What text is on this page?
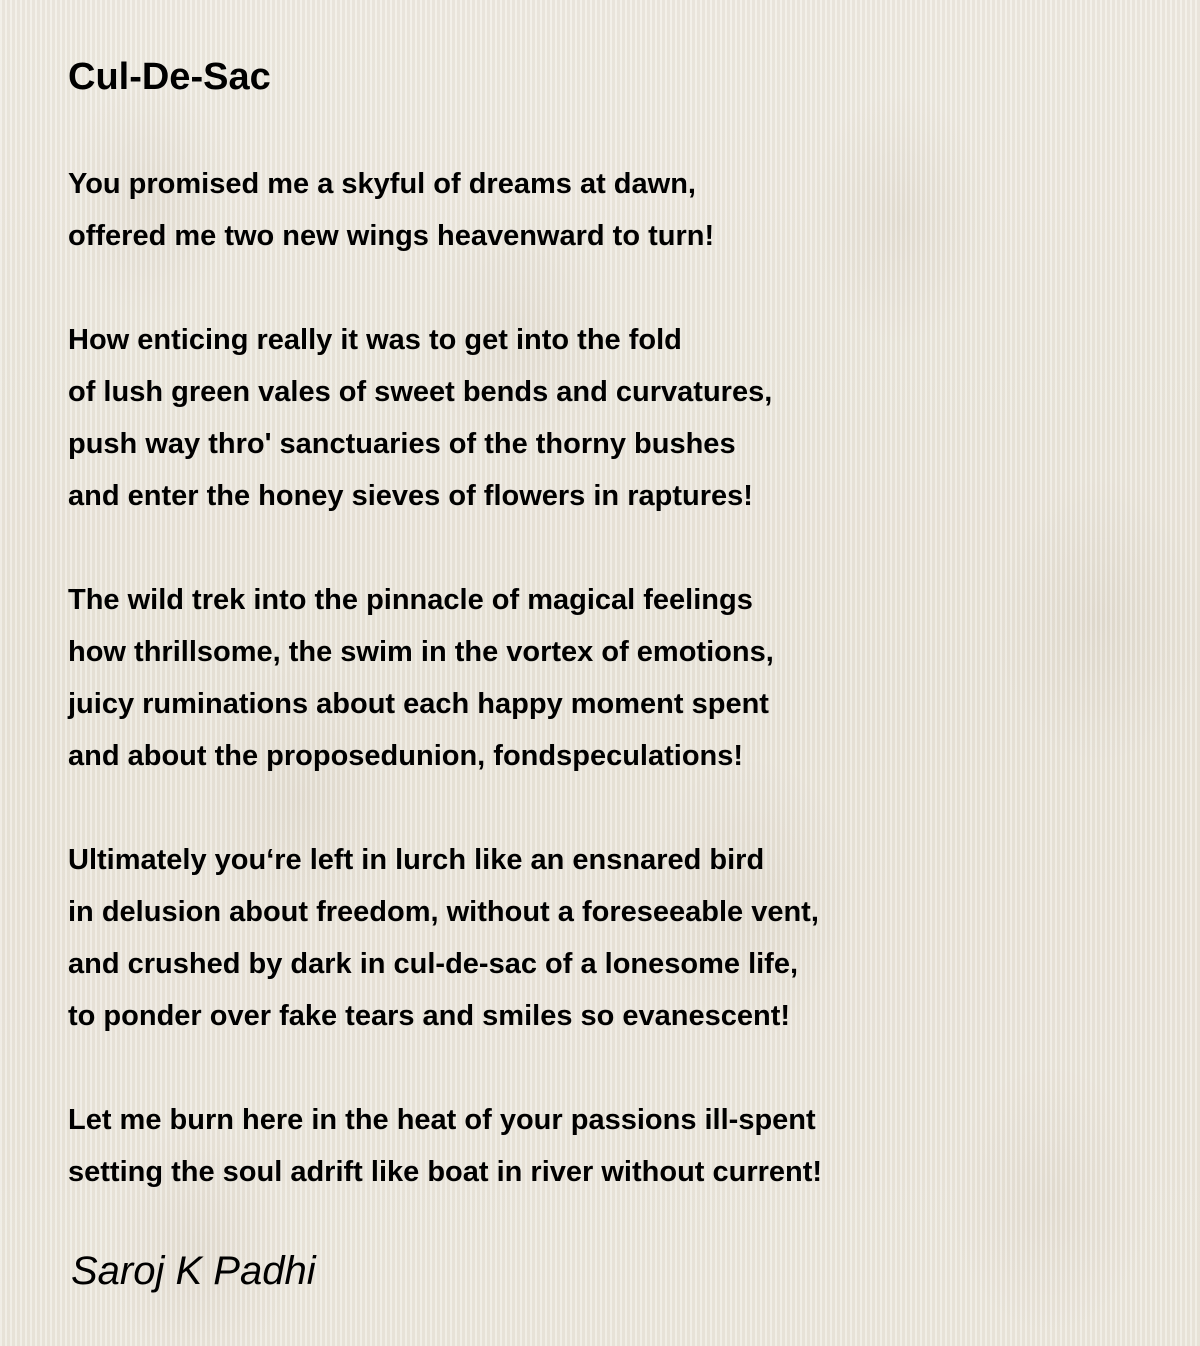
Cul-De-Sac
You promised me a skyful of dreams at dawn,
offered me two new wings heavenward to turn!
How enticing really it was to get into the fold
of lush green vales of sweet bends and curvatures,
push way thro' sanctuaries of the thorny bushes
and enter the honey sieves of flowers in raptures!
The wild trek into the pinnacle of magical feelings
how thrillsome, the swim in the vortex of emotions,
juicy ruminations about each happy moment spent
and about the proposedunion, fondspeculations!
Ultimately you‘re left in lurch like an ensnared bird
in delusion about freedom, without a foreseeable vent,
and crushed by dark in cul-de-sac of a lonesome life,
to ponder over fake tears and smiles so evanescent!
Let me burn here in the heat of your passions ill-spent
setting the soul adrift like boat in river without current!

Saroj K Padhi
